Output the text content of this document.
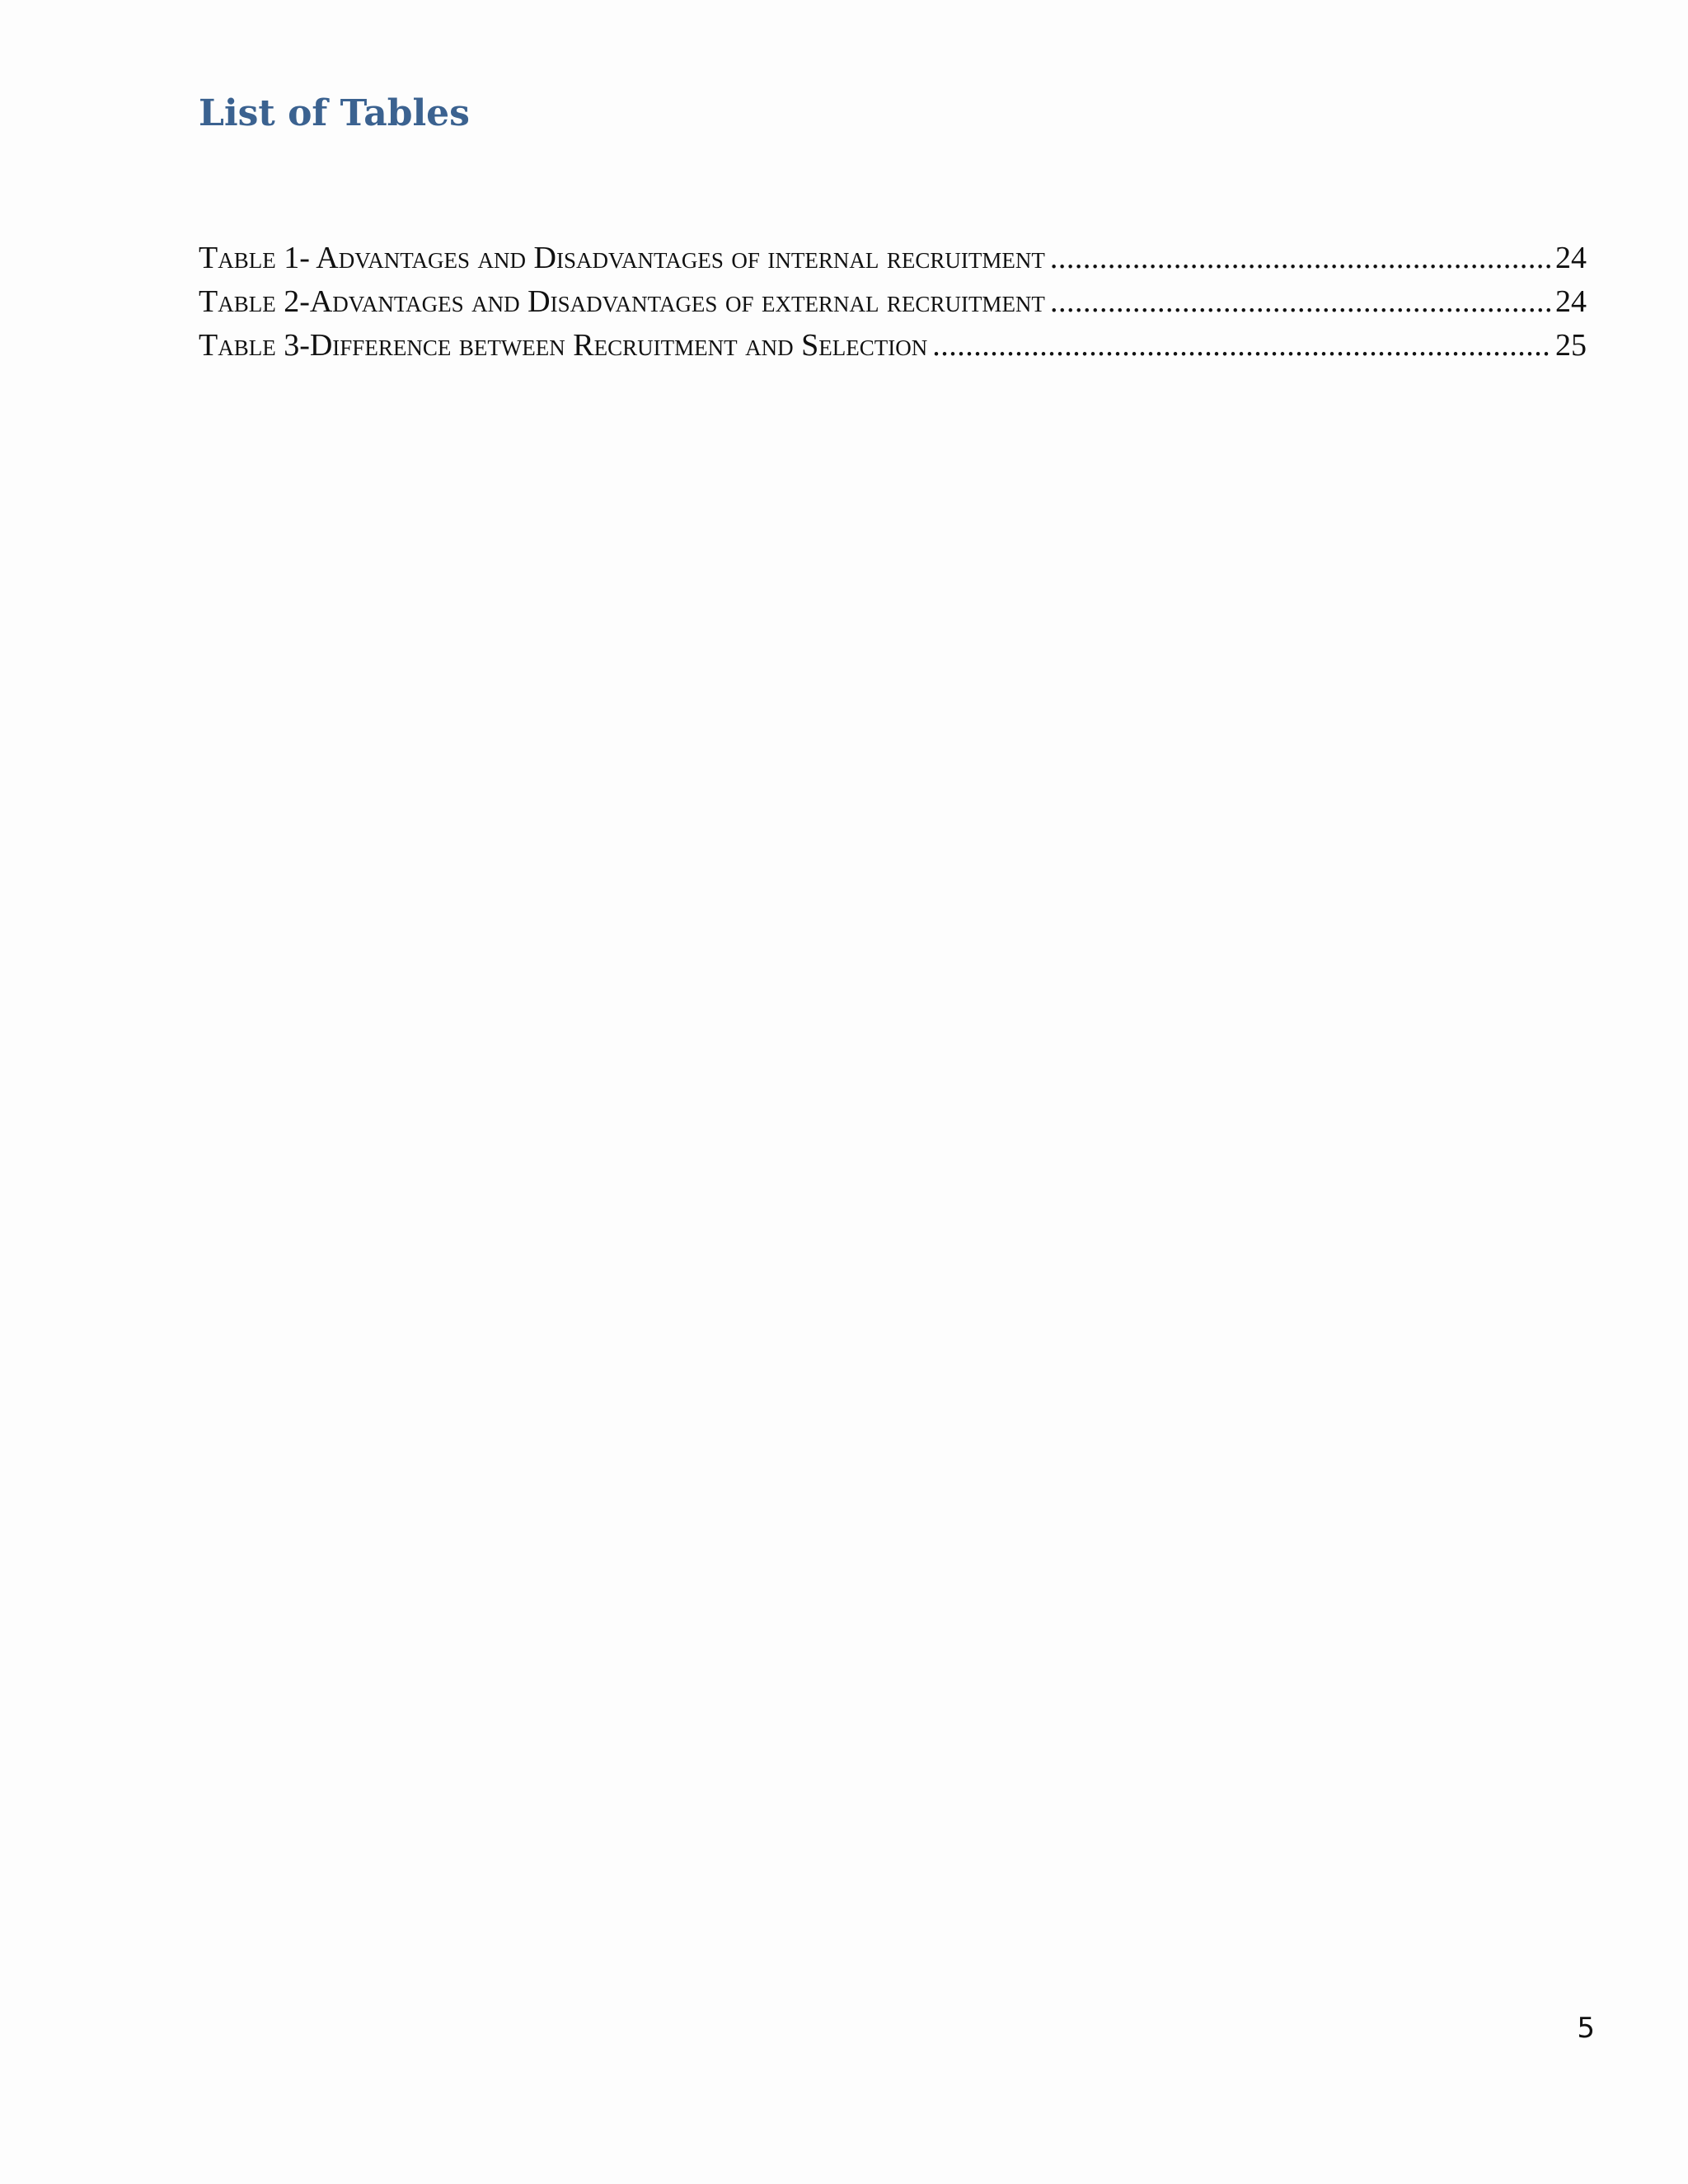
List of Tables
Table 1- Advantages and Disadvantages of internal recruitment .....	24
Table 2-Advantages and Disadvantages of external recruitment .....	24
Table 3-Difference between Recruitment and Selection .....	25
5
